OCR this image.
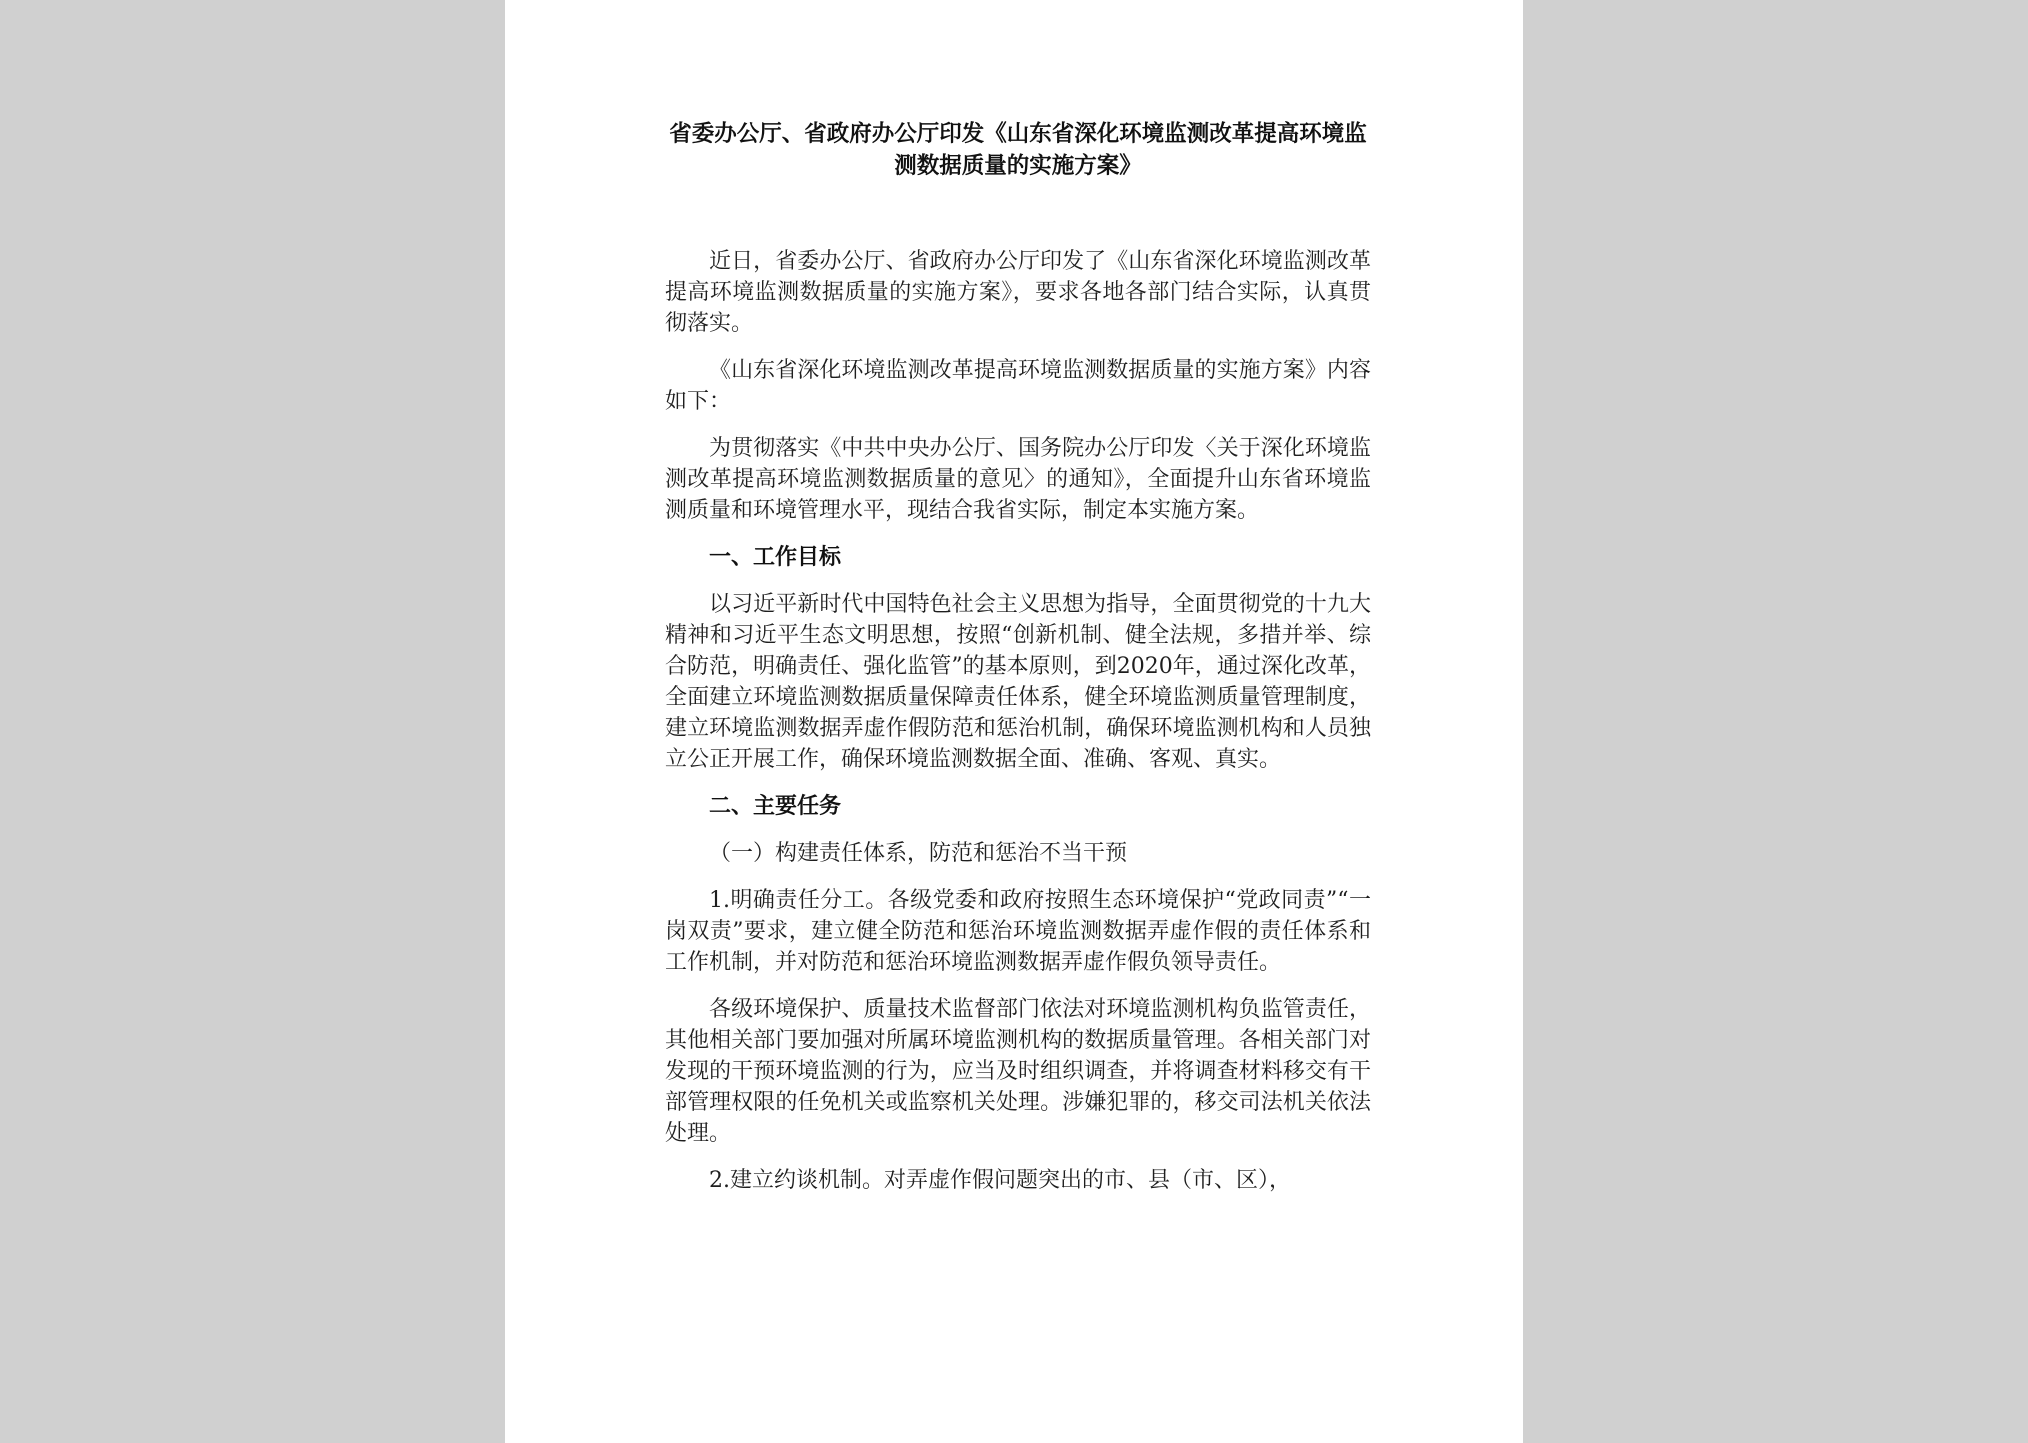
省委办公厅、省政府办公厅印发《山东省深化环境监测改革提高环境监测数据质量的实施方案》

近日，省委办公厅、省政府办公厅印发了《山东省深化环境监测改革提高环境监测数据质量的实施方案》，要求各地各部门结合实际，认真贯彻落实。

《山东省深化环境监测改革提高环境监测数据质量的实施方案》内容如下：

为贯彻落实《中共中央办公厅、国务院办公厅印发〈关于深化环境监测改革提高环境监测数据质量的意见〉的通知》，全面提升山东省环境监测质量和环境管理水平，现结合我省实际，制定本实施方案。

一、工作目标

以习近平新时代中国特色社会主义思想为指导，全面贯彻党的十九大精神和习近平生态文明思想，按照“创新机制、健全法规，多措并举、综合防范，明确责任、强化监管”的基本原则，到2020年，通过深化改革，全面建立环境监测数据质量保障责任体系，健全环境监测质量管理制度，建立环境监测数据弄虚作假防范和惩治机制，确保环境监测机构和人员独立公正开展工作，确保环境监测数据全面、准确、客观、真实。

二、主要任务

（一）构建责任体系，防范和惩治不当干预

1.明确责任分工。各级党委和政府按照生态环境保护“党政同责”“一岗双责”要求，建立健全防范和惩治环境监测数据弄虚作假的责任体系和工作机制，并对防范和惩治环境监测数据弄虚作假负领导责任。

各级环境保护、质量技术监督部门依法对环境监测机构负监管责任，其他相关部门要加强对所属环境监测机构的数据质量管理。各相关部门对发现的干预环境监测的行为，应当及时组织调查，并将调查材料移交有干部管理权限的任免机关或监察机关处理。涉嫌犯罪的，移交司法机关依法处理。

2.建立约谈机制。对弄虚作假问题突出的市、县（市、区），
